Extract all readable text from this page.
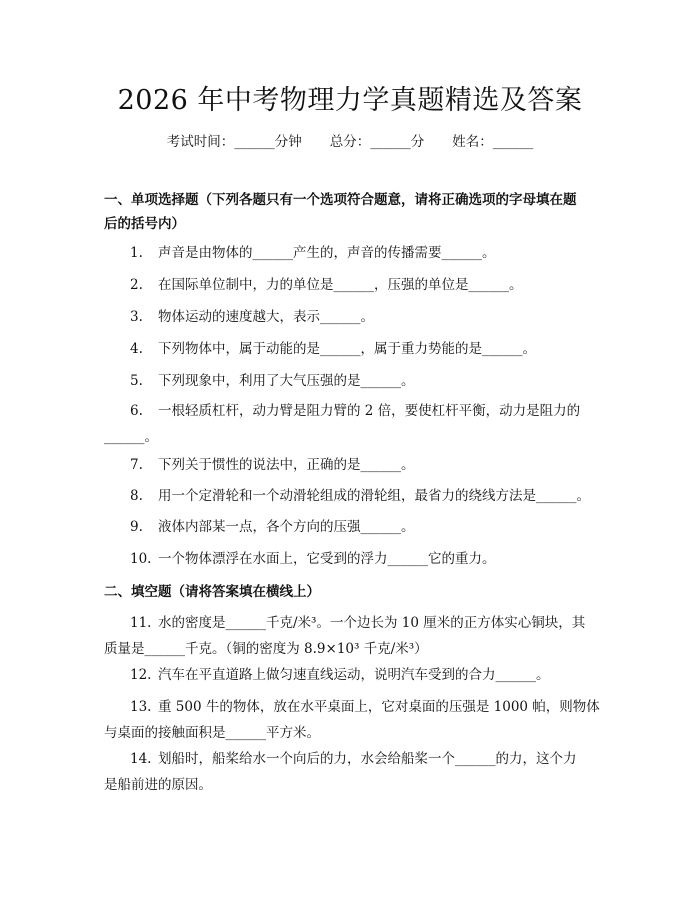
2026 年中考物理力学真题精选及答案
考试时间：______分钟 总分：______分 姓名：______
一、单项选择题（下列各题只有一个选项符合题意，请将正确选项的字母填在题
后的括号内）
1. 声音是由物体的______产生的，声音的传播需要______。
2. 在国际单位制中，力的单位是______，压强的单位是______。
3. 物体运动的速度越大，表示______。
4. 下列物体中，属于动能的是______，属于重力势能的是______。
5. 下列现象中，利用了大气压强的是______。
6. 一根轻质杠杆，动力臂是阻力臂的 2 倍，要使杠杆平衡，动力是阻力的
______。
7. 下列关于惯性的说法中，正确的是______。
8. 用一个定滑轮和一个动滑轮组成的滑轮组，最省力的绕线方法是______。
9. 液体内部某一点，各个方向的压强______。
10. 一个物体漂浮在水面上，它受到的浮力______它的重力。
二、填空题（请将答案填在横线上）
11. 水的密度是______千克/米³。一个边长为 10 厘米的正方体实心铜块，其
质量是______千克。（铜的密度为 8.9×10³ 千克/米³）
12. 汽车在平直道路上做匀速直线运动，说明汽车受到的合力______。
13. 重 500 牛的物体，放在水平桌面上，它对桌面的压强是 1000 帕，则物体
与桌面的接触面积是______平方米。
14. 划船时，船桨给水一个向后的力，水会给船桨一个______的力，这个力
是船前进的原因。
